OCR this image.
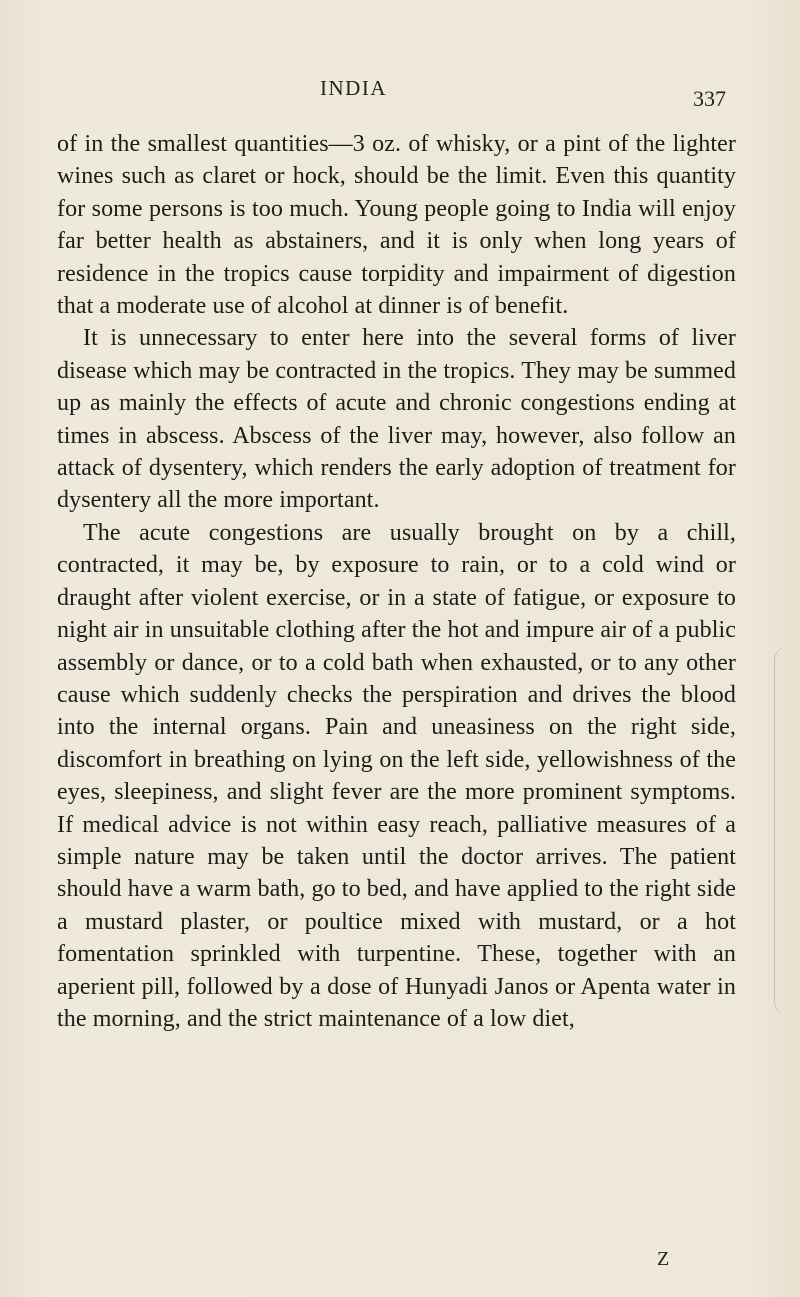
INDIA	337

of in the smallest quantities—3 oz. of whisky, or a pint of the lighter wines such as claret or hock, should be the limit. Even this quantity for some persons is too much. Young people going to India will enjoy far better health as abstainers, and it is only when long years of residence in the tropics cause torpidity and impairment of digestion that a moderate use of alcohol at dinner is of benefit.

It is unnecessary to enter here into the several forms of liver disease which may be contracted in the tropics. They may be summed up as mainly the effects of acute and chronic congestions ending at times in abscess. Abscess of the liver may, however, also follow an attack of dysentery, which renders the early adoption of treatment for dysentery all the more important.

The acute congestions are usually brought on by a chill, contracted, it may be, by exposure to rain, or to a cold wind or draught after violent exercise, or in a state of fatigue, or exposure to night air in unsuitable clothing after the hot and impure air of a public assembly or dance, or to a cold bath when exhausted, or to any other cause which suddenly checks the perspiration and drives the blood into the internal organs. Pain and uneasiness on the right side, discomfort in breathing on lying on the left side, yellowishness of the eyes, sleepiness, and slight fever are the more prominent symptoms. If medical advice is not within easy reach, palliative measures of a simple nature may be taken until the doctor arrives. The patient should have a warm bath, go to bed, and have applied to the right side a mustard plaster, or poultice mixed with mustard, or a hot fomentation sprinkled with turpentine. These, together with an aperient pill, followed by a dose of Hunyadi Janos or Apenta water in the morning, and the strict maintenance of a low diet,

Z
